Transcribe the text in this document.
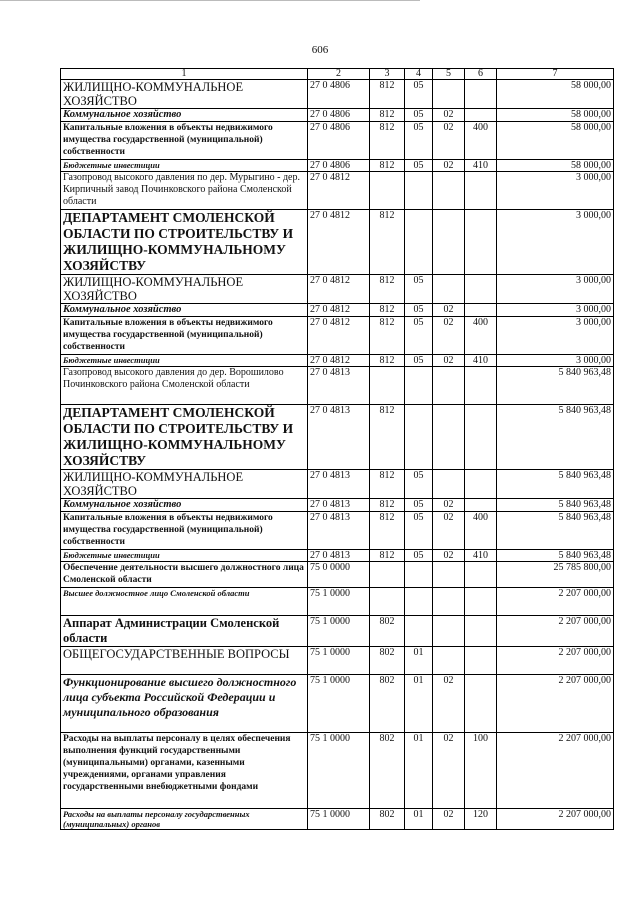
606
1	2	3	4	5	6	7
ЖИЛИЩНО-КОММУНАЛЬНОЕ ХОЗЯЙСТВО	27 0 4806	812	05			58 000,00
Коммунальное хозяйство	27 0 4806	812	05	02		58 000,00
Капитальные вложения в объекты недвижимого имущества государственной (муниципальной) собственности	27 0 4806	812	05	02	400	58 000,00
Бюджетные инвестиции	27 0 4806	812	05	02	410	58 000,00
Газопровод высокого давления по дер. Мурыгино - дер. Кирпичный завод Починковского района Смоленской области	27 0 4812					3 000,00
ДЕПАРТАМЕНТ СМОЛЕНСКОЙ ОБЛАСТИ ПО СТРОИТЕЛЬСТВУ И ЖИЛИЩНО-КОММУНАЛЬНОМУ ХОЗЯЙСТВУ	27 0 4812	812				3 000,00
ЖИЛИЩНО-КОММУНАЛЬНОЕ ХОЗЯЙСТВО	27 0 4812	812	05			3 000,00
Коммунальное хозяйство	27 0 4812	812	05	02		3 000,00
Капитальные вложения в объекты недвижимого имущества государственной (муниципальной) собственности	27 0 4812	812	05	02	400	3 000,00
Бюджетные инвестиции	27 0 4812	812	05	02	410	3 000,00
Газопровод высокого давления до дер. Ворошилово Починковского района Смоленской области	27 0 4813					5 840 963,48
ДЕПАРТАМЕНТ СМОЛЕНСКОЙ ОБЛАСТИ ПО СТРОИТЕЛЬСТВУ И ЖИЛИЩНО-КОММУНАЛЬНОМУ ХОЗЯЙСТВУ	27 0 4813	812				5 840 963,48
ЖИЛИЩНО-КОММУНАЛЬНОЕ ХОЗЯЙСТВО	27 0 4813	812	05			5 840 963,48
Коммунальное хозяйство	27 0 4813	812	05	02		5 840 963,48
Капитальные вложения в объекты недвижимого имущества государственной (муниципальной) собственности	27 0 4813	812	05	02	400	5 840 963,48
Бюджетные инвестиции	27 0 4813	812	05	02	410	5 840 963,48
Обеспечение деятельности высшего должностного лица Смоленской области	75 0 0000					25 785 800,00
Высшее должностное лицо Смоленской области	75 1 0000					2 207 000,00
Аппарат Администрации Смоленской области	75 1 0000	802				2 207 000,00
ОБЩЕГОСУДАРСТВЕННЫЕ ВОПРОСЫ	75 1 0000	802	01			2 207 000,00
Функционирование высшего должностного лица субъекта Российской Федерации и муниципального образования	75 1 0000	802	01	02		2 207 000,00
Расходы на выплаты персоналу в целях обеспечения выполнения функций государственными (муниципальными) органами, казенными учреждениями, органами управления государственными внебюджетными фондами	75 1 0000	802	01	02	100	2 207 000,00
Расходы на выплаты персоналу государственных (муниципальных) органов	75 1 0000	802	01	02	120	2 207 000,00
